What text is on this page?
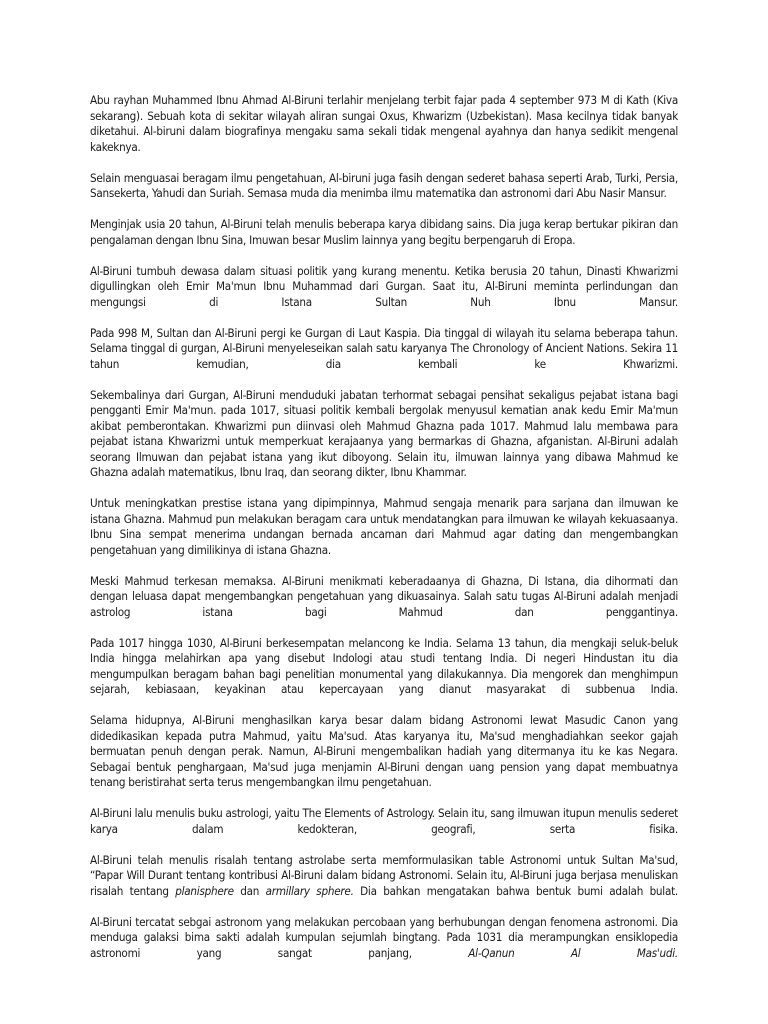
Abu rayhan Muhammed Ibnu Ahmad Al-Biruni terlahir menjelang terbit fajar pada 4 september 973 M di Kath (Kiva sekarang). Sebuah kota di sekitar wilayah aliran sungai Oxus, Khwarizm (Uzbekistan). Masa kecilnya tidak banyak diketahui. Al-biruni dalam biografinya mengaku sama sekali tidak mengenal ayahnya dan hanya sedikit mengenal kakeknya.

Selain menguasai beragam ilmu pengetahuan, Al-biruni juga fasih dengan sederet bahasa seperti Arab, Turki, Persia, Sansekerta, Yahudi dan Suriah. Semasa muda dia menimba ilmu matematika dan astronomi dari Abu Nasir Mansur.

Menginjak usia 20 tahun, Al-Biruni telah menulis beberapa karya dibidang sains. Dia juga kerap bertukar pikiran dan pengalaman dengan Ibnu Sina, Imuwan besar Muslim lainnya yang begitu berpengaruh di Eropa.

Al-Biruni tumbuh dewasa dalam situasi politik yang kurang menentu. Ketika berusia 20 tahun, Dinasti Khwarizmi digullingkan oleh Emir Ma'mun Ibnu Muhammad dari Gurgan. Saat itu, Al-Biruni meminta perlindungan dan mengungsi di Istana Sultan Nuh Ibnu Mansur.

Pada 998 M, Sultan dan Al-Biruni pergi ke Gurgan di Laut Kaspia. Dia tinggal di wilayah itu selama beberapa tahun. Selama tinggal di gurgan, Al-Biruni menyeleseikan salah satu karyanya The Chronology of Ancient Nations. Sekira 11 tahun kemudian, dia kembali ke Khwarizmi.

Sekembalinya dari Gurgan, Al-Biruni menduduki jabatan terhormat sebagai pensihat sekaligus pejabat istana bagi pengganti Emir Ma'mun. pada 1017, situasi politik kembali bergolak menyusul kematian anak kedu Emir Ma'mun akibat pemberontakan. Khwarizmi pun diinvasi oleh Mahmud Ghazna pada 1017. Mahmud lalu membawa para pejabat istana Khwarizmi untuk memperkuat kerajaanya yang bermarkas di Ghazna, afganistan. Al-Biruni adalah seorang Ilmuwan dan pejabat istana yang ikut diboyong. Selain itu, ilmuwan lainnya yang dibawa Mahmud ke Ghazna adalah matematikus, Ibnu Iraq, dan seorang dikter, Ibnu Khammar.

Untuk meningkatkan prestise istana yang dipimpinnya, Mahmud sengaja menarik para sarjana dan ilmuwan ke istana Ghazna. Mahmud pun melakukan beragam cara untuk mendatangkan para ilmuwan ke wilayah kekuasaanya. Ibnu Sina sempat menerima undangan bernada ancaman dari Mahmud agar dating dan mengembangkan pengetahuan yang dimilikinya di istana Ghazna.

Meski Mahmud terkesan memaksa. Al-Biruni menikmati keberadaanya di Ghazna, Di Istana, dia dihormati dan dengan leluasa dapat mengembangkan pengetahuan yang dikuasainya. Salah satu tugas Al-Biruni adalah menjadi astrolog istana bagi Mahmud dan penggantinya.

Pada 1017 hingga 1030, Al-Biruni berkesempatan melancong ke India. Selama 13 tahun, dia mengkaji seluk-beluk India hingga melahirkan apa yang disebut Indologi atau studi tentang India. Di negeri Hindustan itu dia mengumpulkan beragam bahan bagi penelitian monumental yang dilakukannya. Dia mengorek dan menghimpun sejarah, kebiasaan, keyakinan atau kepercayaan yang dianut masyarakat di subbenua India.

Selama hidupnya, Al-Biruni menghasilkan karya besar dalam bidang Astronomi lewat Masudic Canon yang didedikasikan kepada putra Mahmud, yaitu Ma'sud. Atas karyanya itu, Ma'sud menghadiahkan seekor gajah bermuatan penuh dengan perak. Namun, Al-Biruni mengembalikan hadiah yang ditermanya itu ke kas Negara. Sebagai bentuk penghargaan, Ma'sud juga menjamin Al-Biruni dengan uang pension yang dapat membuatnya tenang beristirahat serta terus mengembangkan ilmu pengetahuan.

Al-Biruni lalu menulis buku astrologi, yaitu The Elements of Astrology. Selain itu, sang ilmuwan itupun menulis sederet karya dalam kedokteran, geografi, serta fisika.

Al-Biruni telah menulis risalah tentang astrolabe serta memformulasikan table Astronomi untuk Sultan Ma'sud, “Papar Will Durant tentang kontribusi Al-Biruni dalam bidang Astronomi. Selain itu, Al-Biruni juga berjasa menuliskan risalah tentang planisphere dan armillary sphere. Dia bahkan mengatakan bahwa bentuk bumi adalah bulat.

Al-Biruni tercatat sebgai astronom yang melakukan percobaan yang berhubungan dengan fenomena astronomi. Dia menduga galaksi bima sakti adalah kumpulan sejumlah bingtang. Pada 1031 dia merampungkan ensiklopedia astronomi yang sangat panjang, Al-Qanun Al Mas'udi.
